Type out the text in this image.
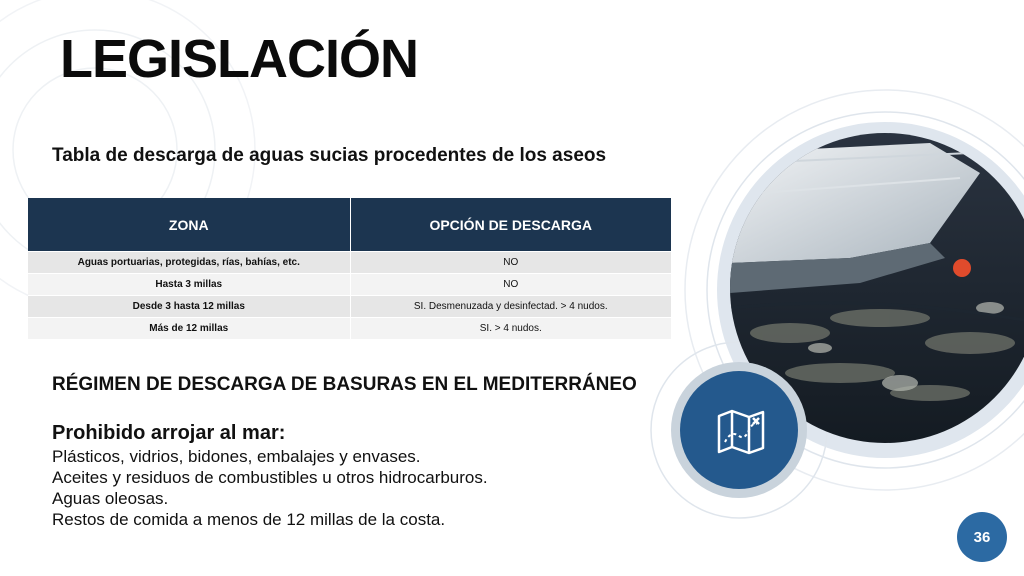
LEGISLACIÓN
Tabla de descarga de aguas sucias procedentes de los aseos
ZONA	OPCIÓN DE DESCARGA
Aguas portuarias, protegidas, rías, bahías, etc.	NO
Hasta 3 millas	NO
Desde 3 hasta 12 millas	SI. Desmenuzada y desinfectad. > 4 nudos.
Más de 12 millas	SI. > 4 nudos.
RÉGIMEN DE DESCARGA DE BASURAS EN EL MEDITERRÁNEO
Prohibido arrojar al mar:
Plásticos, vidrios, bidones, embalajes y envases.
Aceites y residuos de combustibles u otros hidrocarburos.
Aguas oleosas.
Restos de comida a menos de 12 millas de la costa.
36
